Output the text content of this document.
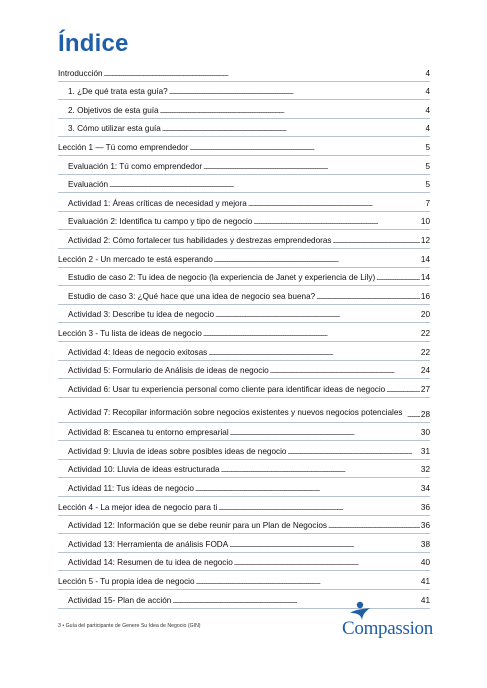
Índice
Introducción . . .	4
1. ¿De qué trata esta guía? . . .	4
2. Objetivos de esta guía . . .	4
3. Cómo utilizar esta guía . . .	4
Lección 1 — Tú como emprendedor . . .	5
Evaluación 1: Tú como emprendedor . . .	5
Evaluación . . .	5
Actividad 1: Áreas críticas de necesidad y mejora . . .	7
Evaluación 2: Identifica tu campo y tipo de negocio . . .	10
Actividad 2: Cómo fortalecer tus habilidades y destrezas emprendedoras . . .	12
Lección 2 - Un mercado te está esperando . . .	14
Estudio de caso 2: Tu idea de negocio (la experiencia de Janet y experiencia de Lily) . . .	14
Estudio de caso 3: ¿Qué hace que una idea de negocio sea buena? . . .	16
Actividad 3: Describe tu idea de negocio . . .	20
Lección 3 - Tu lista de ideas de negocio . . .	22
Actividad 4: Ideas de negocio exitosas . . .	22
Actividad 5: Formulario de Análisis de ideas de negocio . . .	24
Actividad 6: Usar tu experiencia personal como cliente para identificar ideas de negocio . . .	27
Actividad 7: Recopilar información sobre negocios existentes y nuevos negocios potenciales . . .	28
Actividad 8: Escanea tu entorno empresarial . . .	30
Actividad 9: Lluvia de ideas sobre posibles ideas de negocio . . .	31
Actividad 10: Lluvia de ideas estructurada . . .	32
Actividad 11: Tus ideas de negocio . . .	34
Lección 4 - La mejor idea de negocio para ti . . .	36
Actividad 12: Información que se debe reunir para un Plan de Negocios . . .	36
Actividad 13: Herramienta de análisis FODA . . .	38
Actividad 14: Resumen de tu idea de negocio . . .	40
Lección 5 - Tu propia idea de negocio . . .	41
Actividad 15- Plan de acción . . .	41
3 • Guía del participante de Genere Su Idea de Negocio (GIN)	Compassion
